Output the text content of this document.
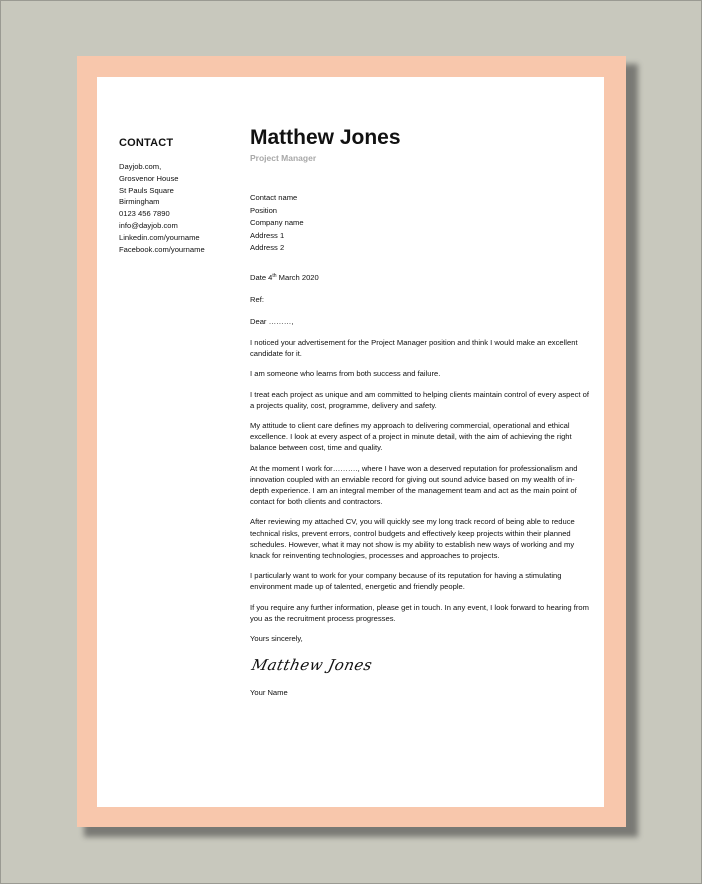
CONTACT
Dayjob.com,
Grosvenor House
St Pauls Square
Birmingham
0123 456 7890
info@dayjob.com
Linkedin.com/yourname
Facebook.com/yourname
Matthew Jones
Project Manager
Contact name
Position
Company name
Address 1
Address 2
Date 4th March 2020
Ref:
Dear ………,
I noticed your advertisement for the Project Manager position and think I would make an excellent candidate for it.
I am someone who learns from both success and failure.
I treat each project as unique and am committed to helping clients maintain control of every aspect of a projects quality, cost, programme, delivery and safety.
My attitude to client care defines my approach to delivering commercial, operational and ethical excellence. I look at every aspect of a project in minute detail, with the aim of achieving the right balance between cost, time and quality.
At the moment I work for………., where I have won a deserved reputation for professionalism and innovation coupled with an enviable record for giving out sound advice based on my wealth of in-depth experience. I am an integral member of the management team and act as the main point of contact for both clients and contractors.
After reviewing my attached CV, you will quickly see my long track record of being able to reduce technical risks, prevent errors, control budgets and effectively keep projects within their planned schedules. However, what it may not show is my ability to establish new ways of working and my knack for reinventing technologies, processes and approaches to projects.
I particularly want to work for your company because of its reputation for having a stimulating environment made up of talented, energetic and friendly people.
If you require any further information, please get in touch. In any event, I look forward to hearing from you as the recruitment process progresses.
Yours sincerely,
Matthew Jones
Your Name
